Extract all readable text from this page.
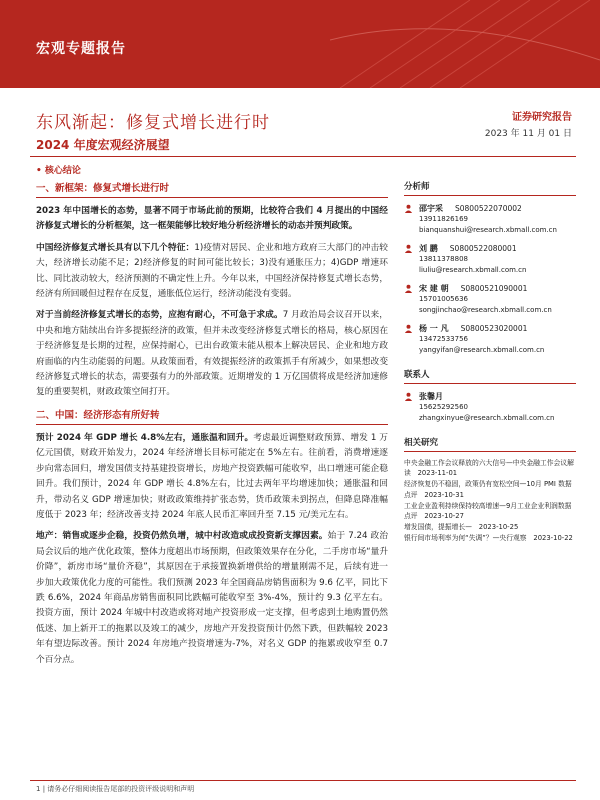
宏观专题报告
东风渐起：修复式增长进行时	证券研究报告
2023 年 11 月 01 日
2024 年度宏观经济展望
• 核心结论
一、新框架：修复式增长进行时

2023 年中国增长的态势，显著不同于市场此前的预期，比较符合我们 4 月提出的中国经济修复式增长的分析框架，这一框架能够比较好地分析经济增长的动态并预判政策。

中国经济修复式增长具有以下几个特征：1)疫情对居民、企业和地方政府三大部门的冲击较大，经济增长动能不足；2)经济修复的时间可能比较长；3)没有通胀压力；4)GDP 增速环比、同比波动较大，经济预测的不确定性上升。今年以来，中国经济保持修复式增长态势，经济有所回暖但过程存在反复，通胀低位运行，经济动能没有变弱。

对于当前经济修复式增长的态势，应抱有耐心，不可急于求成。7 月政治局会议召开以来，中央和地方陆续出台许多提振经济的政策，但并未改变经济修复式增长的格局，核心原因在于经济修复是长期的过程，应保持耐心，已出台政策未能从根本上解决居民、企业和地方政府面临的内生动能弱的问题。从政策面看，有效提振经济的政策抓手有所减少，如果想改变经济修复式增长的状态，需要强有力的外部政策。近期增发的 1 万亿国债将成是经济加速修复的重要契机，财政政策空间打开。

二、中国：经济形态有所好转

预计 2024 年 GDP 增长 4.8%左右，通胀温和回升。考虑最近调整财政预算、增发 1 万亿元国债，财政开始发力，2024 年经济增长目标可能定在 5%左右。往前看，消费增速逐步向常态回归，增发国债支持基建投资增长，房地产投资跌幅可能收窄，出口增速可能企稳回升。我们预计，2024 年 GDP 增长 4.8%左右，比过去两年平均增速加快；通胀温和回升，带动名义 GDP 增速加快；财政政策维持扩张态势，货币政策未到拐点，但降息降准幅度低于 2023 年；经济改善支持 2024 年底人民币汇率回升至 7.15 元/美元左右。

地产：销售或逐步企稳，投资仍然负增，城中村改造或成投资新支撑因素。始于 7.24 政治局会议后的地产优化政策，整体力度超出市场预期，但政策效果存在分化，二手房市场“量升价降”，新房市场“量价齐稳”，其原因在于承接置换新增供给的增量刚需不足，后续有进一步加大政策优化力度的可能性。我们预测 2023 年全国商品房销售面积为 9.6 亿平，同比下跌 6.6%，2024 年商品房销售面积同比跌幅可能收窄至 3%-4%，预计约 9.3 亿平左右。投资方面，预计 2024 年城中村改造或将对地产投资形成一定支撑，但考虑到土地购置仍然低迷、加上新开工的拖累以及竣工的减少，房地产开发投资预计仍然下跌，但跌幅较 2023 年有望边际改善。预计 2024 年房地产投资增速为-7%，对名义 GDP 的拖累或收窄至 0.7 个百分点。

分析师
邵宇采 S0800522070002
13911826169
bianquanshui@research.xbmall.com.cn
刘 鹏 S0800522080001
13811378808
liuliu@research.xbmall.com.cn
宋 建 朝 S0800521090001
15701005636
songjinchao@research.xbmall.com.cn
杨 一 凡 S0800523020001
13472533756
yangyifan@research.xbmall.com.cn
联系人
张馨月
15625292560
zhangxinyue@research.xbmall.com.cn
相关研究
中央金融工作会议释放的六大信号—中央金融工作会议解读　2023-11-01
经济恢复仍不稳固，政策仍有宽松空间—10月 PMI 数据点评　2023-10-31
工业企业盈利持续保持较高增速—9月工业企业利润数据点评　2023-10-27
增发国债，提振增长—　2023-10-25
银行间市场利率为何“失调”？—央行观察　2023-10-22
1 | 请务必仔细阅读报告尾部的投资评级说明和声明
